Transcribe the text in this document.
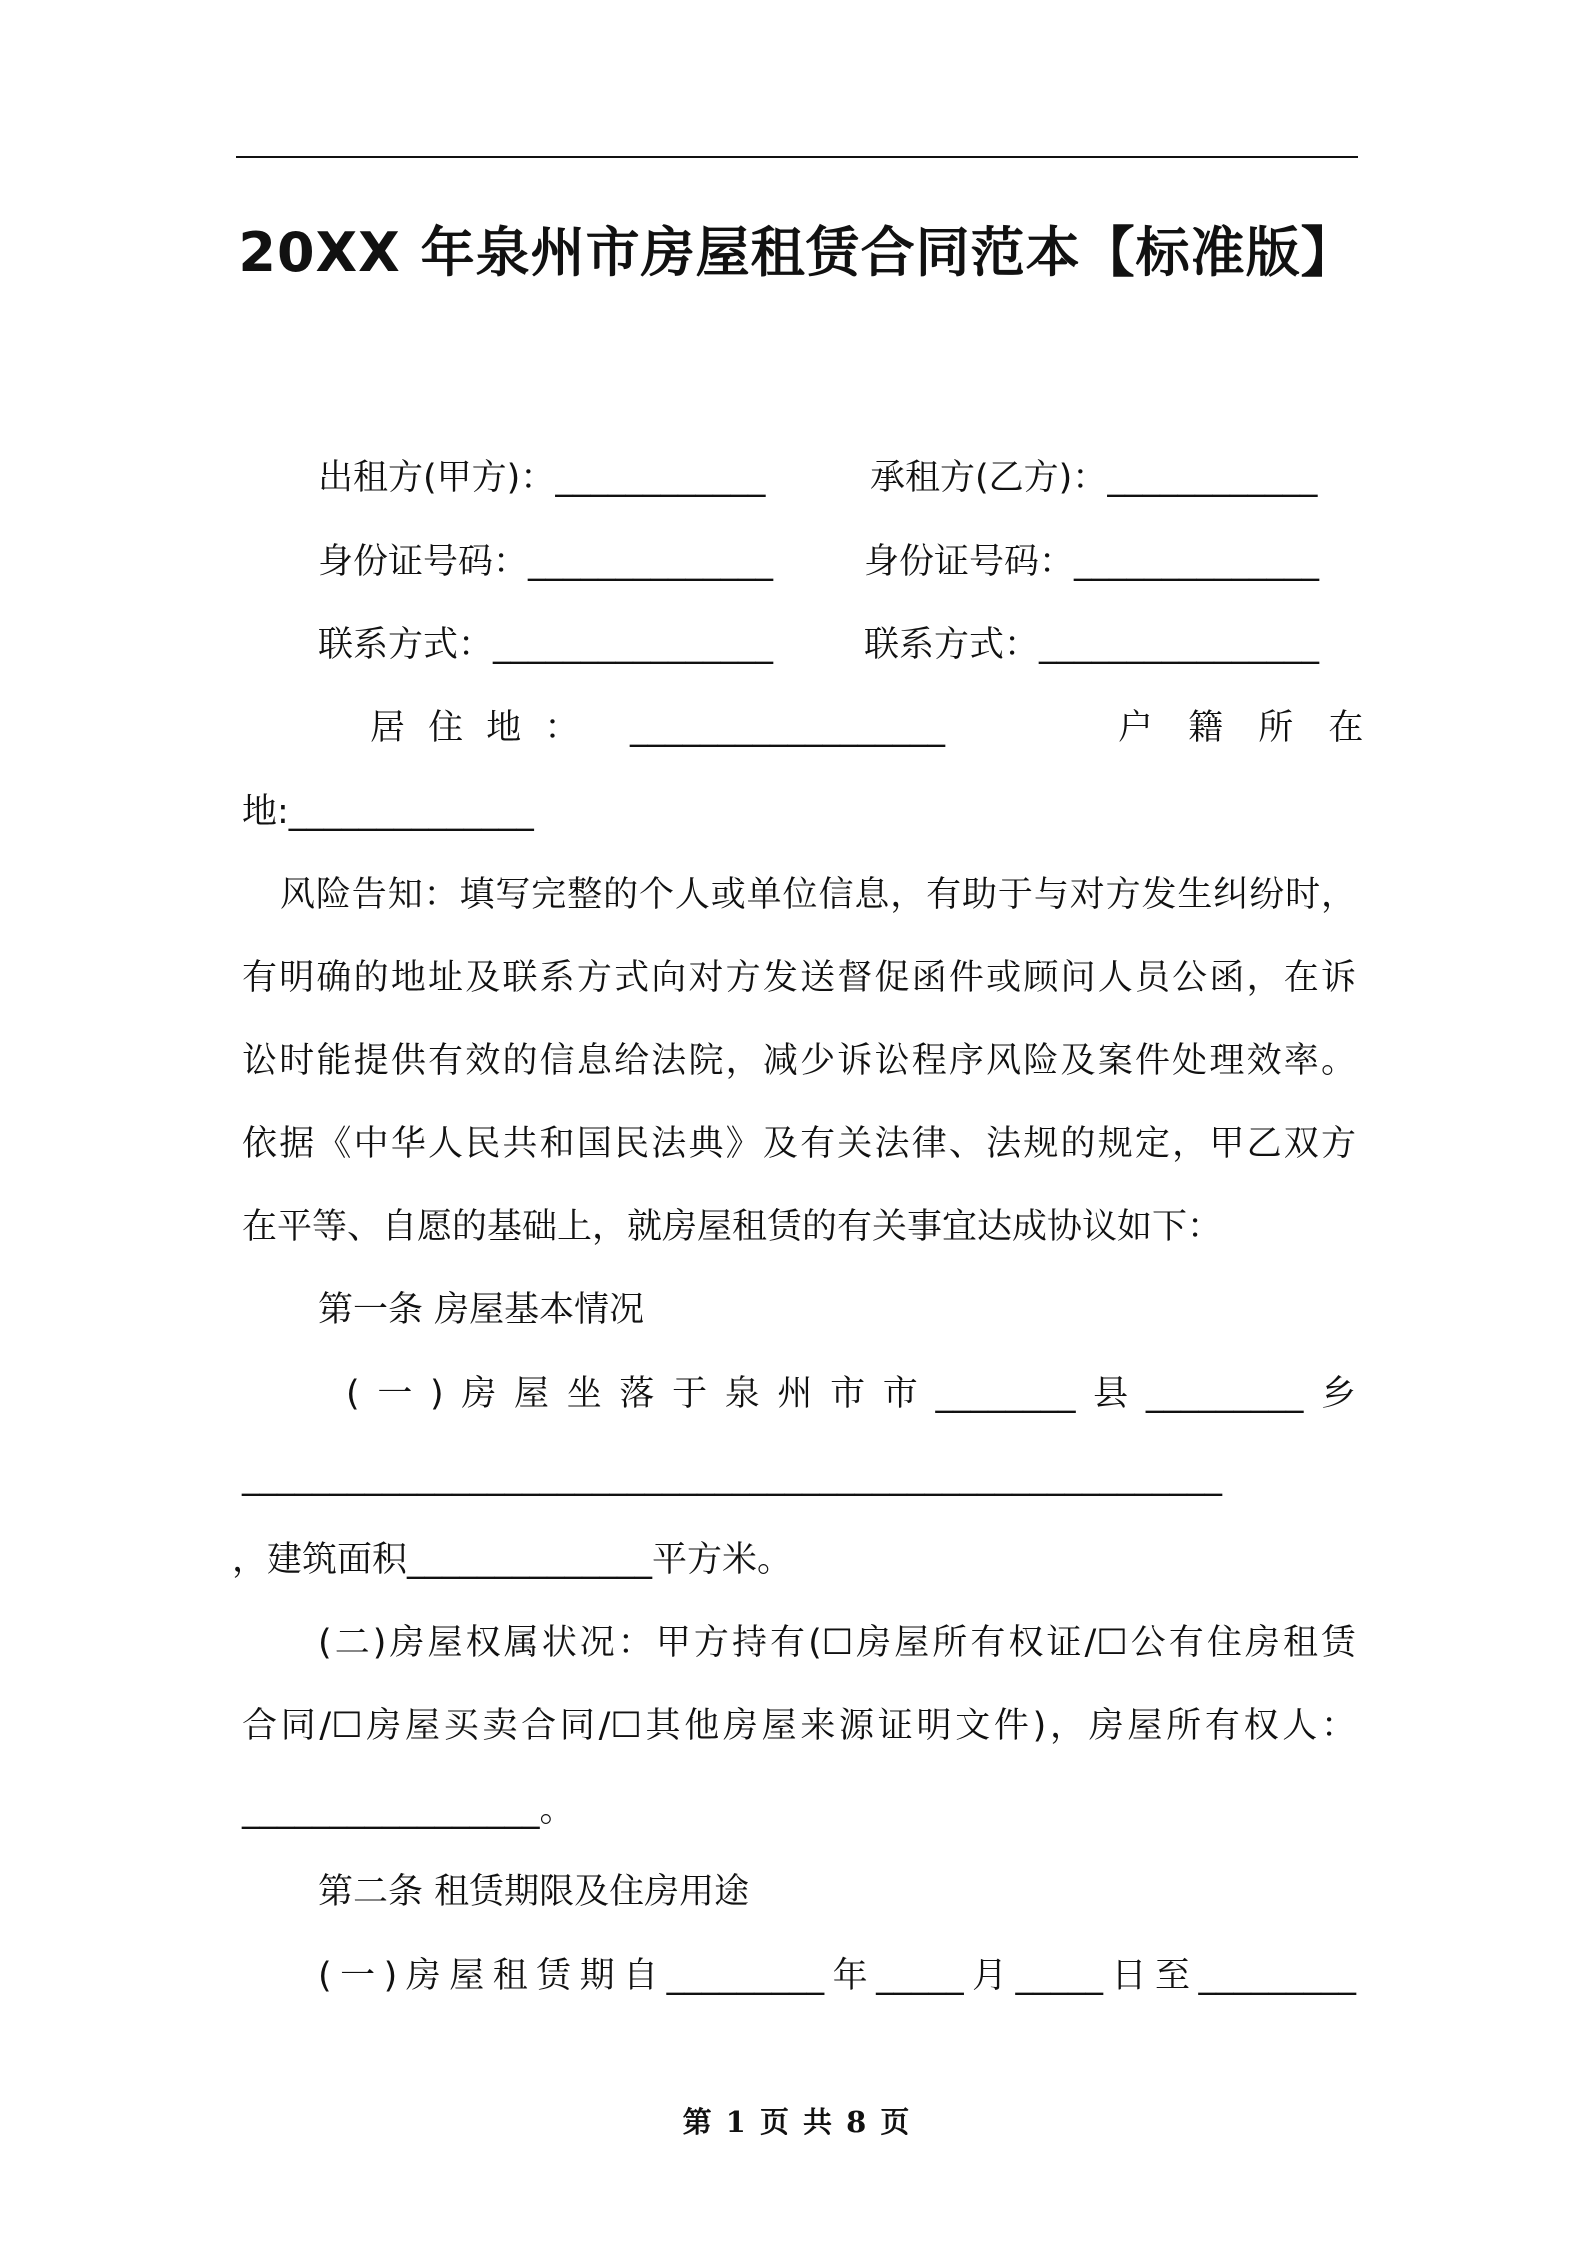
20XX 年泉州市房屋租赁合同范本【标准版】
出租方(甲方)：____________	承租方(乙方)：____________
身份证号码：______________	身份证号码：______________
联系方式：________________	联系方式：________________
居 住 地 ： __________________	户 籍 所 在
地:______________
风险告知：填写完整的个人或单位信息，有助于与对方发生纠纷时，
有明确的地址及联系方式向对方发送督促函件或顾问人员公函，在诉
讼时能提供有效的信息给法院，减少诉讼程序风险及案件处理效率。
依据《中华人民共和国民法典》及有关法律、法规的规定，甲乙双方
在平等、自愿的基础上，就房屋租赁的有关事宜达成协议如下：
第一条 房屋基本情况
(一)房屋坐落于泉州市市________县_________乡
________________________________________________________
，建筑面积______________平方米。
(二)房屋权属状况：甲方持有(☐房屋所有权证/☐公有住房租赁
合同/☐房屋买卖合同/☐其他房屋来源证明文件)，房屋所有权人：
_________________。
第二条 租赁期限及住房用途
(一)房屋租赁期自_________年_____月_____日至_________
第 1 页 共 8 页
